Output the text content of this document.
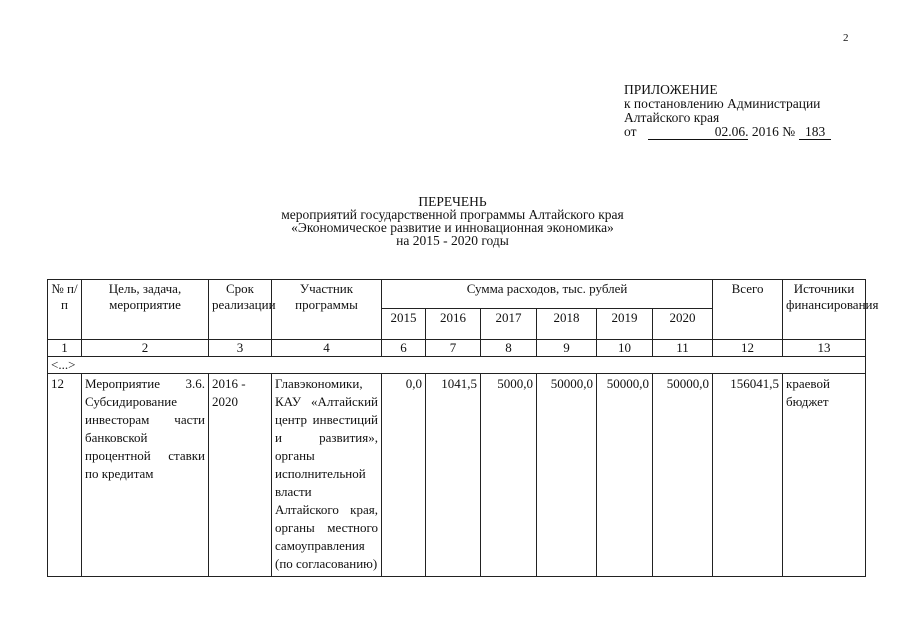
2
ПРИЛОЖЕНИЕ
к постановлению Администрации
Алтайского края
от	02.06. 2016 № 183
ПЕРЕЧЕНЬ
мероприятий государственной программы Алтайского края
«Экономическое развитие и инновационная экономика»
на 2015 - 2020 годы
№ п/п	Цель, задача, мероприятие	Срок реализации	Участник программы	Сумма расходов, тыс. рублей						Всего	Источники финансирования
				2015	2016	2017	2018	2019	2020		
1	2	3	4	6	7	8	9	10	11	12	13
<...>											
12	Мероприятие 3.6. Субсидирование инвесторам части банковской процентной ставки по кредитам	2016 - 2020	Главэкономики, КАУ «Алтайский центр инвестиций и развития», органы исполнительной власти Алтайского края, органы местного самоуправления (по согласованию)	0,0	1041,5	5000,0	50000,0	50000,0	50000,0	156041,5	краевой бюджет
